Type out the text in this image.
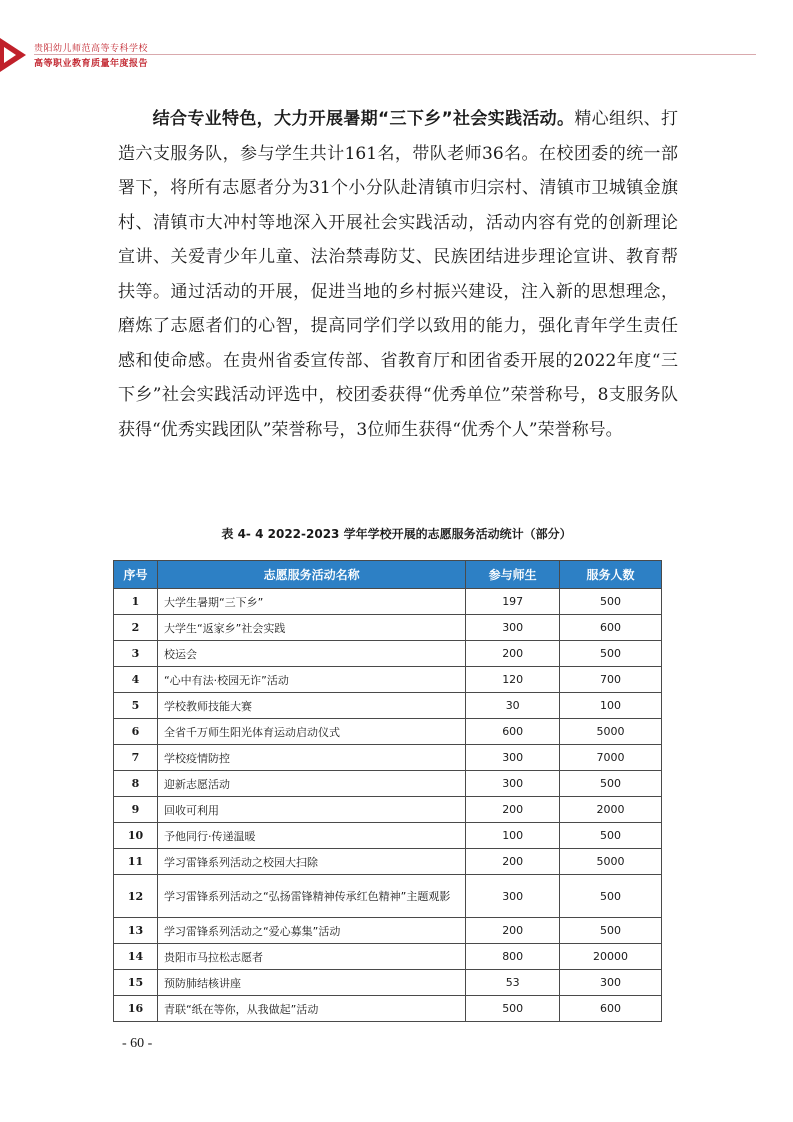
贵阳幼儿师范高等专科学校
高等职业教育质量年度报告
　　结合专业特色，大力开展暑期“三下乡”社会实践活动。精心组织、打造六支服务队，参与学生共计161名，带队老师36名。在校团委的统一部署下，将所有志愿者分为31个小分队赴清镇市归宗村、清镇市卫城镇金旗村、清镇市大冲村等地深入开展社会实践活动，活动内容有党的创新理论宣讲、关爱青少年儿童、法治禁毒防艾、民族团结进步理论宣讲、教育帮扶等。通过活动的开展，促进当地的乡村振兴建设，注入新的思想理念，磨炼了志愿者们的心智，提高同学们学以致用的能力，强化青年学生责任感和使命感。在贵州省委宣传部、省教育厅和团省委开展的2022年度“三下乡”社会实践活动评选中，校团委获得“优秀单位”荣誉称号，8支服务队获得“优秀实践团队”荣誉称号，3位师生获得“优秀个人”荣誉称号。
表 4- 4 2022-2023 学年学校开展的志愿服务活动统计（部分）
序号	志愿服务活动名称	参与师生	服务人数
1	大学生暑期“三下乡”	197	500
2	大学生“返家乡”社会实践	300	600
3	校运会	200	500
4	“心中有法·校园无诈”活动	120	700
5	学校教师技能大赛	30	100
6	全省千万师生阳光体育运动启动仪式	600	5000
7	学校疫情防控	300	7000
8	迎新志愿活动	300	500
9	回收可利用	200	2000
10	予他同行·传递温暖	100	500
11	学习雷锋系列活动之校园大扫除	200	5000
12	学习雷锋系列活动之“弘扬雷锋精神传承红色精神”主题观影	300	500
13	学习雷锋系列活动之“爱心募集”活动	200	500
14	贵阳市马拉松志愿者	800	20000
15	预防肺结核讲座	53	300
16	青联“纸在等你，从我做起”活动	500	600
- 60 -
